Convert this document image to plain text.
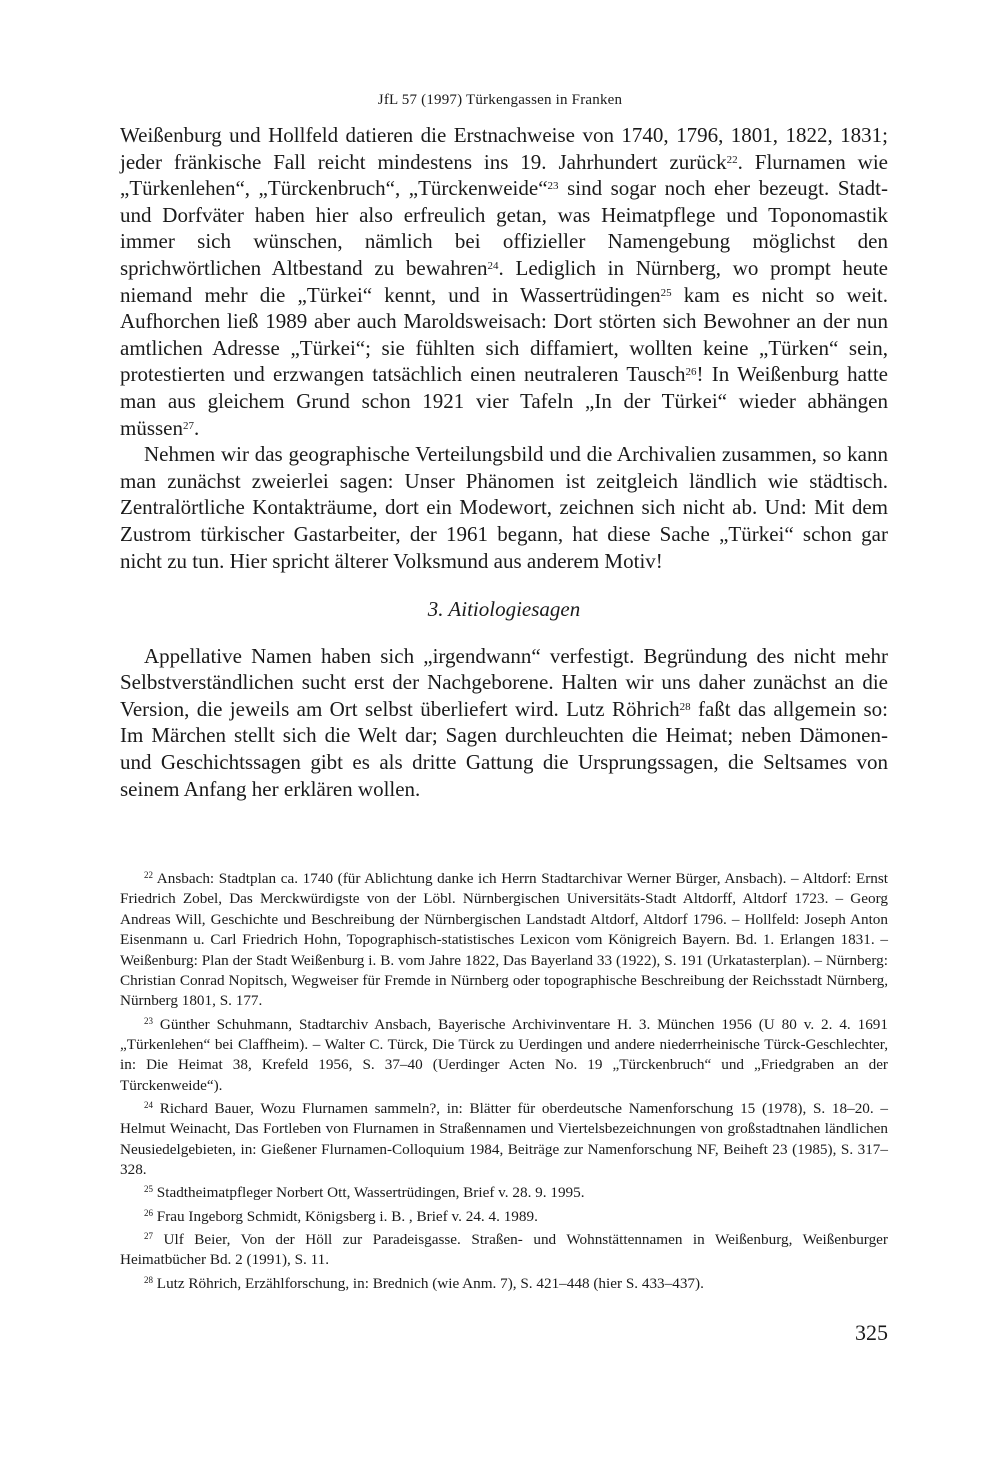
JfL 57 (1997) Türkengassen in Franken

Weißenburg und Hollfeld datieren die Erstnachweise von 1740, 1796, 1801, 1822, 1831; jeder fränkische Fall reicht mindestens ins 19. Jahrhundert zurück$^{22}$. Flurnamen wie „Türkenlehen“, „Türckenbruch“, „Türckenweide“$^{23}$ sind sogar noch eher bezeugt. Stadt- und Dorfväter haben hier also erfreulich getan, was Heimatpflege und Toponomastik immer sich wünschen, nämlich bei offizieller Namengebung möglichst den sprichwörtlichen Altbestand zu bewahren$^{24}$. Lediglich in Nürnberg, wo prompt heute niemand mehr die „Türkei“ kennt, und in Wassertrüdingen$^{25}$ kam es nicht so weit. Aufhorchen ließ 1989 aber auch Maroldsweisach: Dort störten sich Bewohner an der nun amtlichen Adresse „Türkei“; sie fühlten sich diffamiert, wollten keine „Türken“ sein, protestierten und erzwangen tatsächlich einen neutraleren Tausch$^{26}$! In Weißenburg hatte man aus gleichem Grund schon 1921 vier Tafeln „In der Türkei“ wieder abhängen müssen$^{27}$.

Nehmen wir das geographische Verteilungsbild und die Archivalien zusammen, so kann man zunächst zweierlei sagen: Unser Phänomen ist zeitgleich ländlich wie städtisch. Zentralörtliche Kontakträume, dort ein Modewort, zeichnen sich nicht ab. Und: Mit dem Zustrom türkischer Gastarbeiter, der 1961 begann, hat diese Sache „Türkei“ schon gar nicht zu tun. Hier spricht älterer Volksmund aus anderem Motiv!

3. Aitiologiesagen

Appellative Namen haben sich „irgendwann“ verfestigt. Begründung des nicht mehr Selbstverständlichen sucht erst der Nachgeborene. Halten wir uns daher zunächst an die Version, die jeweils am Ort selbst überliefert wird. Lutz Röhrich$^{28}$ faßt das allgemein so: Im Märchen stellt sich die Welt dar; Sagen durchleuchten die Heimat; neben Dämonen- und Geschichtssagen gibt es als dritte Gattung die Ursprungssagen, die Seltsames von seinem Anfang her erklären wollen.

$^{22}$ Ansbach: Stadtplan ca. 1740 (für Ablichtung danke ich Herrn Stadtarchivar Werner Bürger, Ansbach). – Altdorf: Ernst Friedrich Zobel, Das Merckwürdigste von der Löbl. Nürnbergischen Universitäts-Stadt Altdorff, Altdorf 1723. – Georg Andreas Will, Geschichte und Beschreibung der Nürnbergischen Landstadt Altdorf, Altdorf 1796. – Hollfeld: Joseph Anton Eisenmann u. Carl Friedrich Hohn, Topographisch-statistisches Lexicon vom Königreich Bayern. Bd. 1. Erlangen 1831. – Weißenburg: Plan der Stadt Weißenburg i. B. vom Jahre 1822, Das Bayerland 33 (1922), S. 191 (Urkatasterplan). – Nürnberg: Christian Conrad Nopitsch, Wegweiser für Fremde in Nürnberg oder topographische Beschreibung der Reichsstadt Nürnberg, Nürnberg 1801, S. 177.

$^{23}$ Günther Schuhmann, Stadtarchiv Ansbach, Bayerische Archivinventare H. 3. München 1956 (U 80 v. 2. 4. 1691 „Türkenlehen“ bei Claffheim). – Walter C. Türck, Die Türck zu Uerdingen und andere niederrheinische Türck-Geschlechter, in: Die Heimat 38, Krefeld 1956, S. 37–40 (Uerdinger Acten No. 19 „Türckenbruch“ und „Friedgraben an der Türckenweide“).

$^{24}$ Richard Bauer, Wozu Flurnamen sammeln?, in: Blätter für oberdeutsche Namenforschung 15 (1978), S. 18–20. – Helmut Weinacht, Das Fortleben von Flurnamen in Straßennamen und Viertelsbezeichnungen von großstadtnahen ländlichen Neusiedelgebieten, in: Gießener Flurnamen-Colloquium 1984, Beiträge zur Namenforschung NF, Beiheft 23 (1985), S. 317–328.

$^{25}$ Stadtheimatpfleger Norbert Ott, Wassertrüdingen, Brief v. 28. 9. 1995.

$^{26}$ Frau Ingeborg Schmidt, Königsberg i. B. , Brief v. 24. 4. 1989.

$^{27}$ Ulf Beier, Von der Höll zur Paradeisgasse. Straßen- und Wohnstättennamen in Weißenburg, Weißenburger Heimatbücher Bd. 2 (1991), S. 11.

$^{28}$ Lutz Röhrich, Erzählforschung, in: Brednich (wie Anm. 7), S. 421–448 (hier S. 433–437).

325
